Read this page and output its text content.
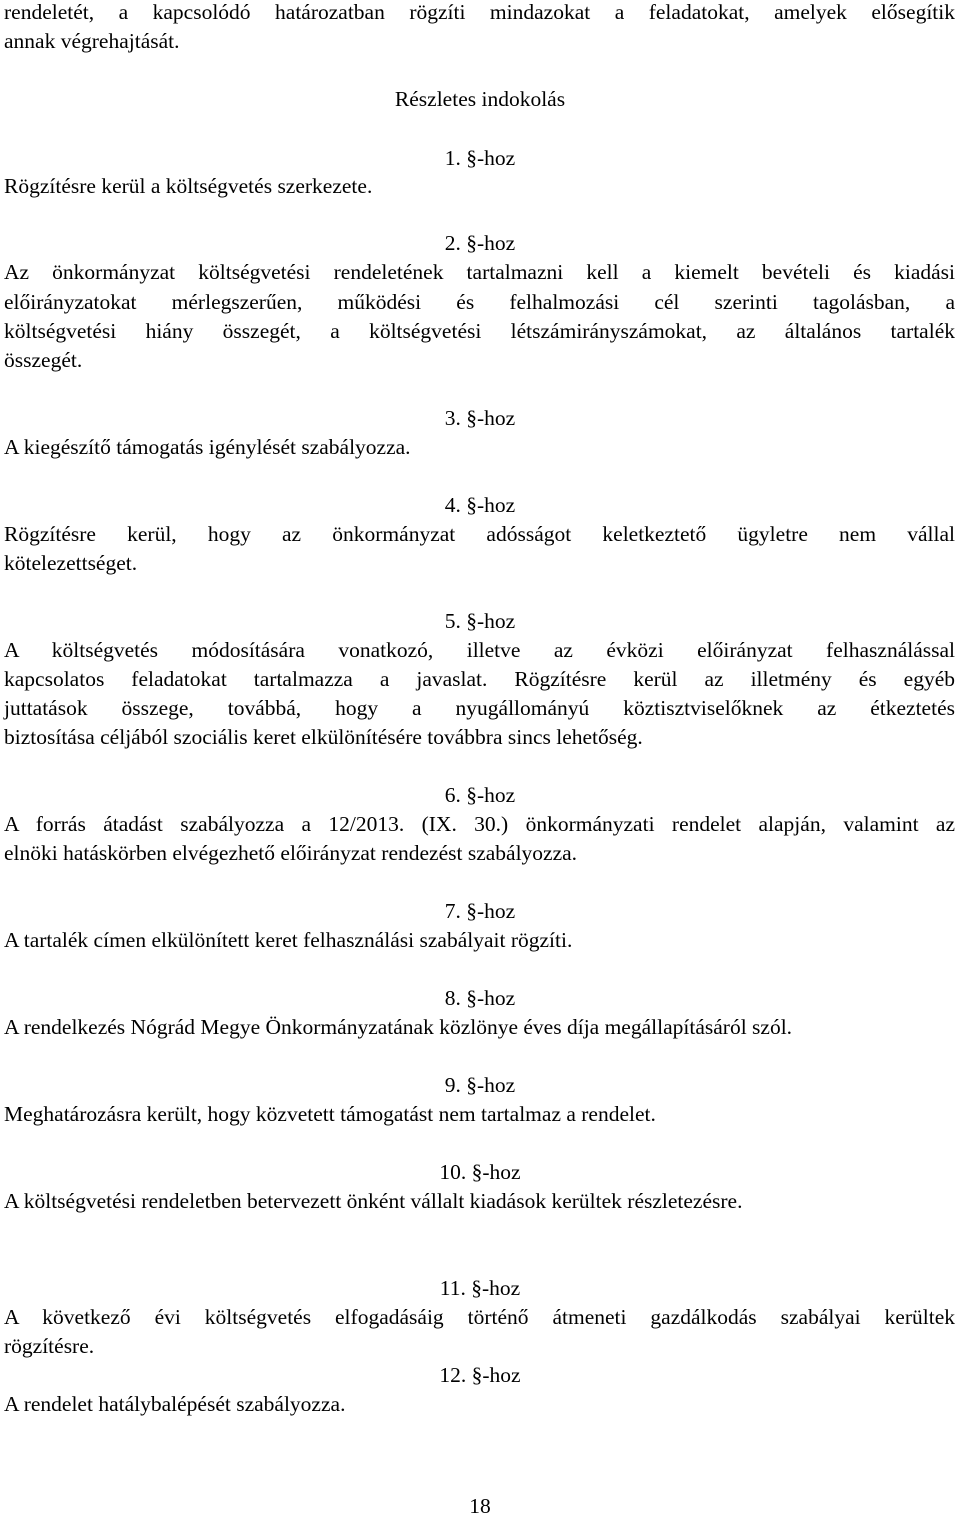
rendeletét, a kapcsolódó határozatban rögzíti mindazokat a feladatokat, amelyek elősegítik
annak végrehajtását.
Részletes indokolás
1. §-hoz
Rögzítésre kerül a költségvetés szerkezete.
2. §-hoz
Az önkormányzat költségvetési rendeletének tartalmazni kell a kiemelt bevételi és kiadási
előirányzatokat mérlegszerűen, működési és felhalmozási cél szerinti tagolásban, a
költségvetési hiány összegét, a költségvetési létszámirányszámokat, az általános tartalék
összegét.
3. §-hoz
A kiegészítő támogatás igénylését szabályozza.
4. §-hoz
Rögzítésre kerül, hogy az önkormányzat adósságot keletkeztető ügyletre nem vállal
kötelezettséget.
5. §-hoz
A költségvetés módosítására vonatkozó, illetve az évközi előirányzat felhasználással
kapcsolatos feladatokat tartalmazza a javaslat. Rögzítésre kerül az illetmény és egyéb
juttatások összege, továbbá, hogy a nyugállományú köztisztviselőknek az étkeztetés
biztosítása céljából szociális keret elkülönítésére továbbra sincs lehetőség.
6. §-hoz
A forrás átadást szabályozza a 12/2013. (IX. 30.) önkormányzati rendelet alapján, valamint az
elnöki hatáskörben elvégezhető előirányzat rendezést szabályozza.
7. §-hoz
A tartalék címen elkülönített keret felhasználási szabályait rögzíti.
8. §-hoz
A rendelkezés Nógrád Megye Önkormányzatának közlönye éves díja megállapításáról szól.
9. §-hoz
Meghatározásra került, hogy közvetett támogatást nem tartalmaz a rendelet.
10. §-hoz
A költségvetési rendeletben betervezett önként vállalt kiadások kerültek részletezésre.
11. §-hoz
A következő évi költségvetés elfogadásáig történő átmeneti gazdálkodás szabályai kerültek
rögzítésre.
12. §-hoz
A rendelet hatálybalépését szabályozza.
18
